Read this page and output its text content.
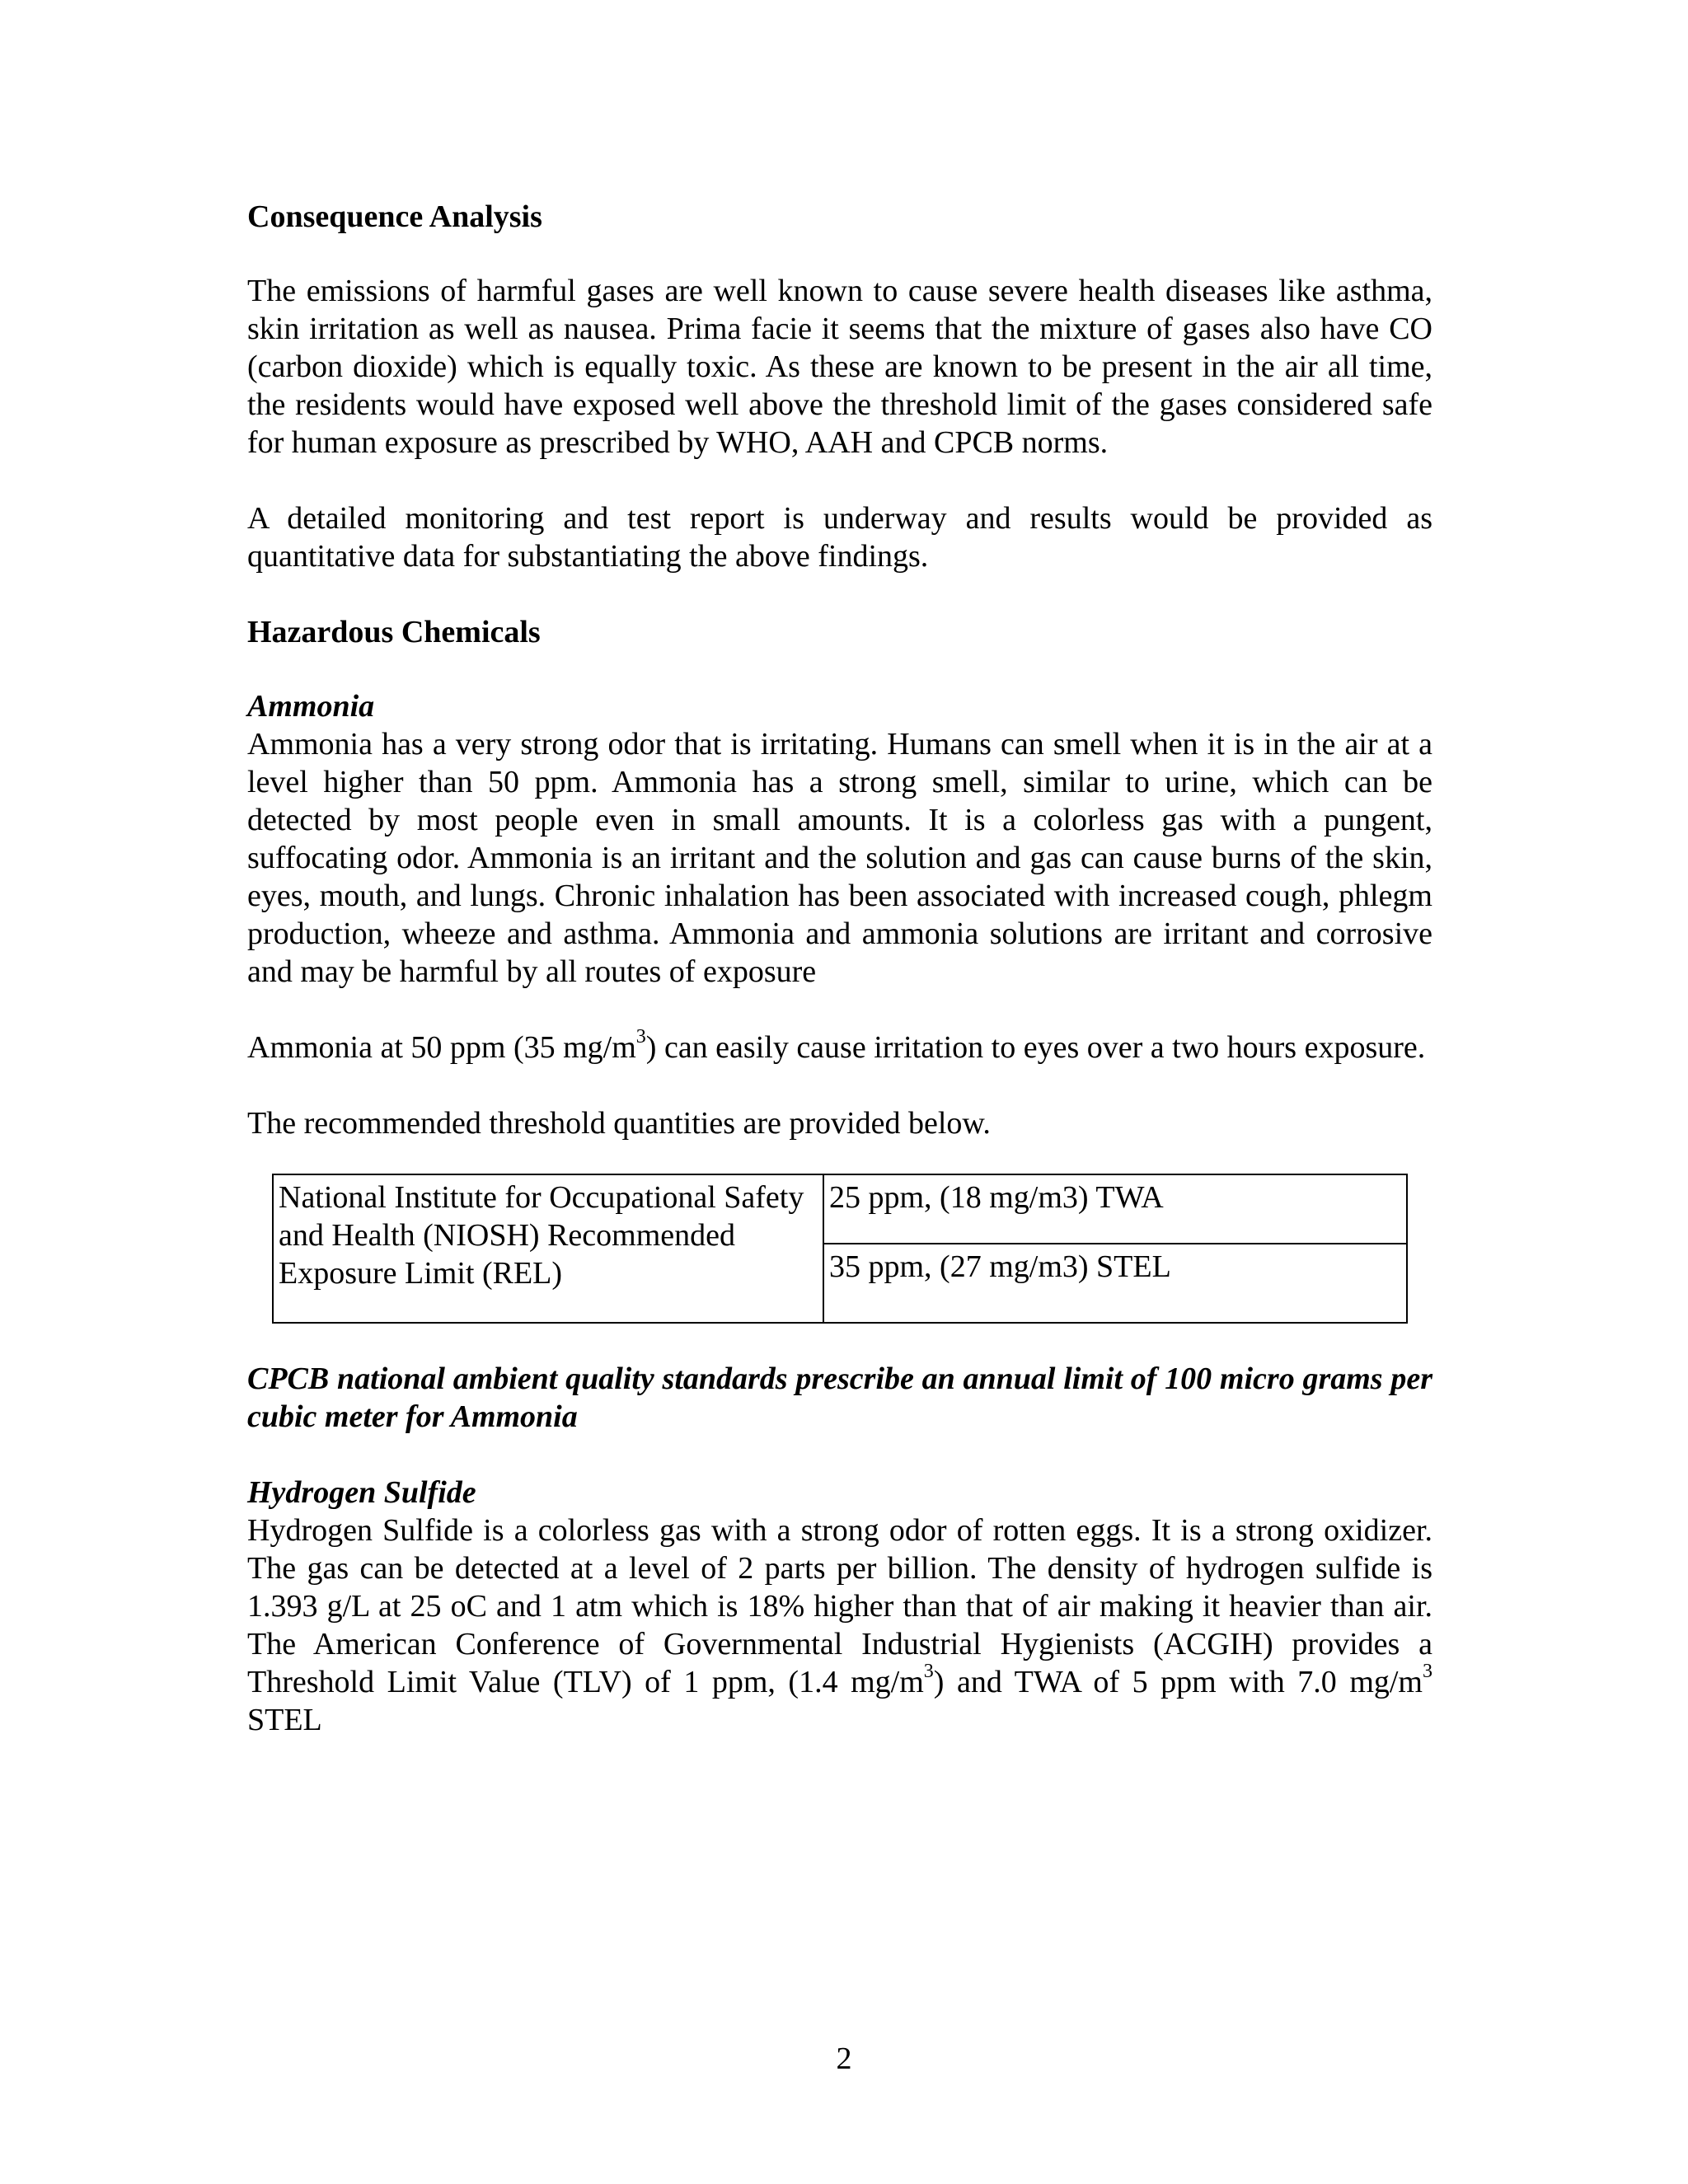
Consequence Analysis

The emissions of harmful gases are well known to cause severe health diseases like asthma, skin irritation as well as nausea. Prima facie it seems that the mixture of gases also have CO (carbon dioxide) which is equally toxic. As these are known to be present in the air all time, the residents would have exposed well above the threshold limit of the gases considered safe for human exposure as prescribed by WHO, AAH and CPCB norms.

A detailed monitoring and test report is underway and results would be provided as quantitative data for substantiating the above findings.

Hazardous Chemicals
Ammonia

Ammonia has a very strong odor that is irritating. Humans can smell when it is in the air at a level higher than 50 ppm. Ammonia has a strong smell, similar to urine, which can be detected by most people even in small amounts. It is a colorless gas with a pungent, suffocating odor. Ammonia is an irritant and the solution and gas can cause burns of the skin, eyes, mouth, and lungs. Chronic inhalation has been associated with increased cough, phlegm production, wheeze and asthma. Ammonia and ammonia solutions are irritant and corrosive and may be harmful by all routes of exposure

Ammonia at 50 ppm (35 $mg/m^3$) can easily cause irritation to eyes over a two hours exposure.

The recommended threshold quantities are provided below.

National Institute for Occupational Safety and Health (NIOSH) Recommended Exposure Limit (REL)	25 ppm, (18 mg/m3) TWA
35 ppm, (27 mg/m3) STEL

CPCB national ambient quality standards prescribe an annual limit of 100 micro grams per cubic meter for Ammonia

Hydrogen Sulfide

Hydrogen Sulfide is a colorless gas with a strong odor of rotten eggs. It is a strong oxidizer. The gas can be detected at a level of 2 parts per billion. The density of hydrogen sulfide is 1.393 g/L at 25 oC and 1 atm which is 18% higher than that of air making it heavier than air. The American Conference of Governmental Industrial Hygienists (ACGIH) provides a Threshold Limit Value (TLV) of 1 ppm, (1.4 $mg/m^3$) and TWA of 5 ppm with 7.0 $mg/m^3$ STEL

2
